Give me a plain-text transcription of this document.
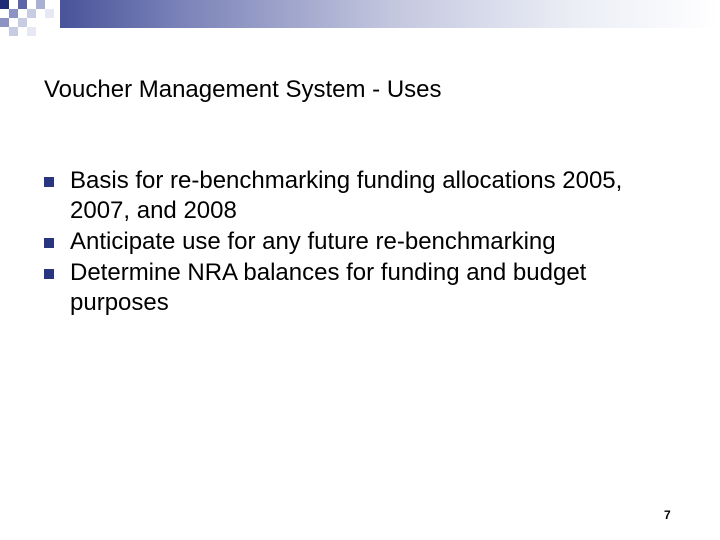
Voucher Management System - Uses
Basis for re-benchmarking funding allocations 2005, 2007, and 2008
Anticipate use for any future re-benchmarking
Determine NRA balances for funding and budget purposes
7
